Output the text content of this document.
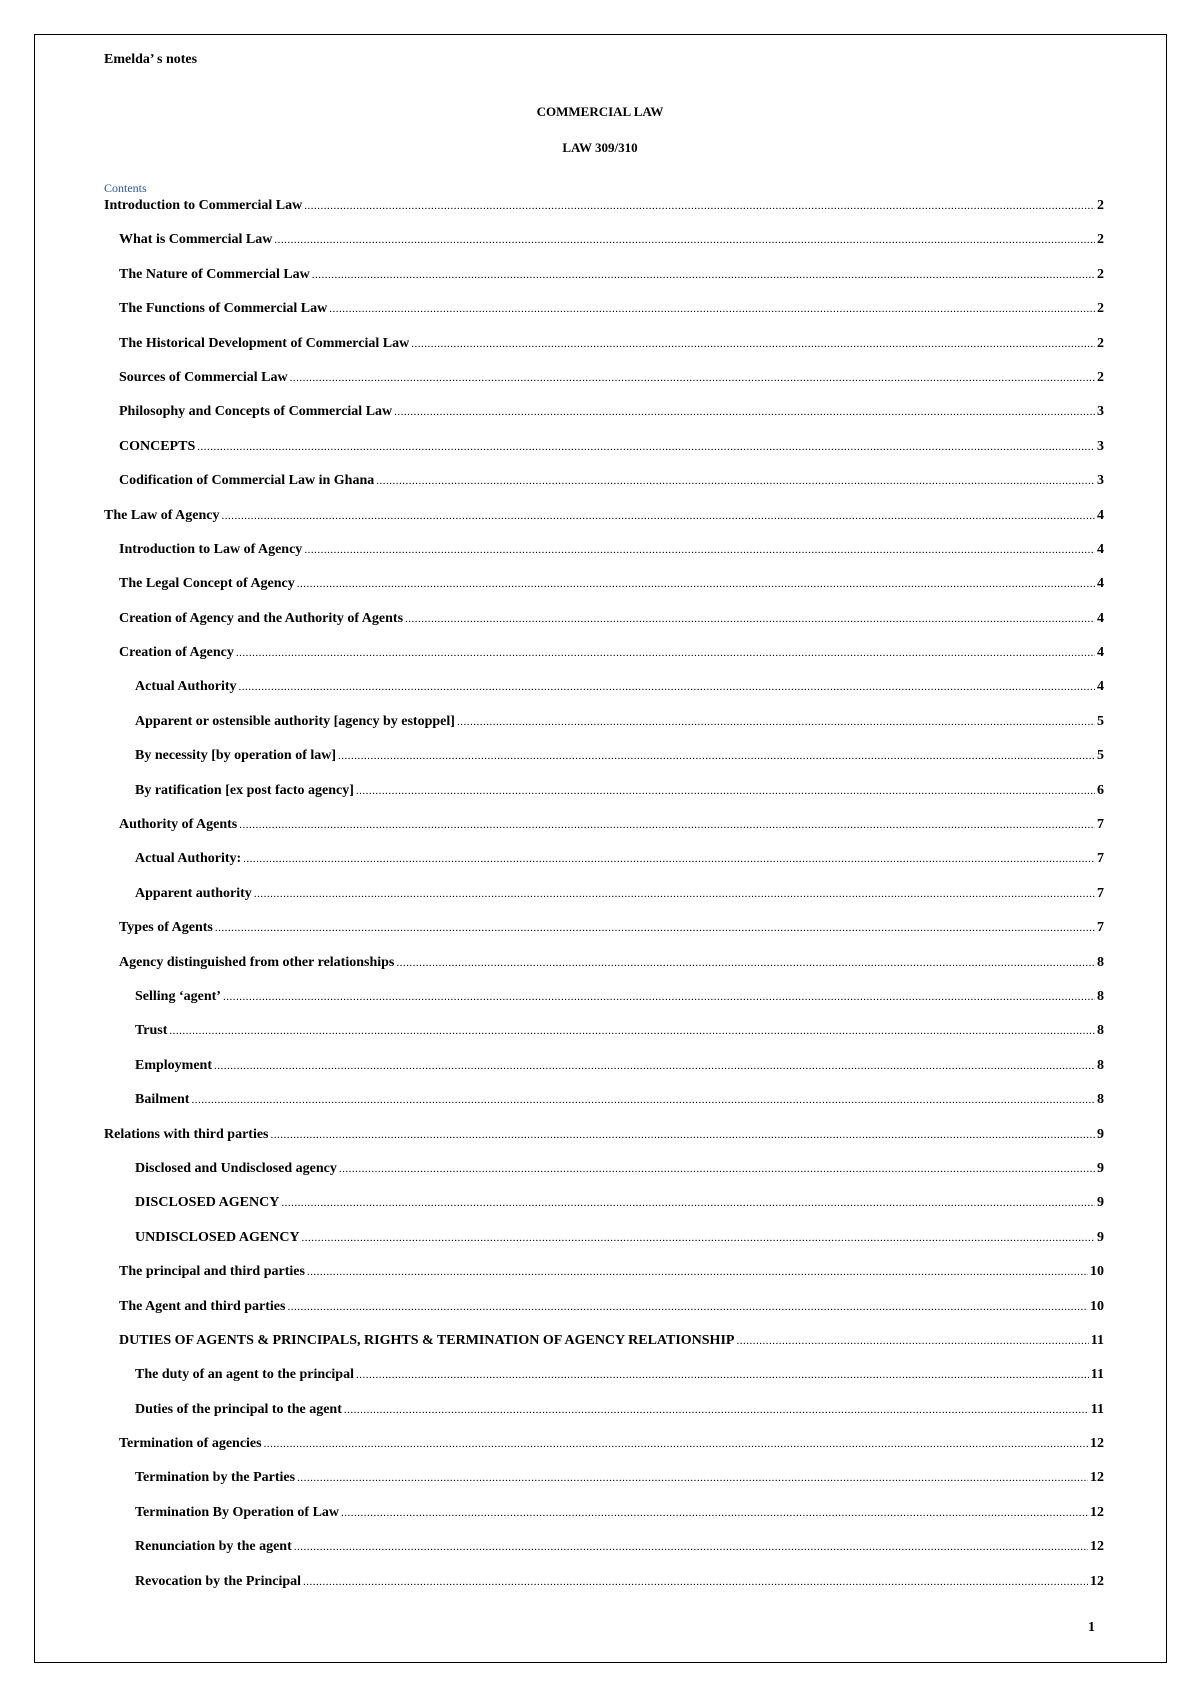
Emelda’ s notes
COMMERCIAL LAW
LAW 309/310
Contents
Introduction to Commercial Law .....	2
What is Commercial Law .....	2
The Nature of Commercial Law .....	2
The Functions of Commercial Law .....	2
The Historical Development of Commercial Law .....	2
Sources of Commercial Law .....	2
Philosophy and Concepts of Commercial Law .....	3
CONCEPTS .....	3
Codification of Commercial Law in Ghana .....	3
The Law of Agency .....	4
Introduction to Law of Agency .....	4
The Legal Concept of Agency .....	4
Creation of Agency and the Authority of Agents .....	4
Creation of Agency .....	4
Actual Authority .....	4
Apparent or ostensible authority [agency by estoppel] .....	5
By necessity [by operation of law] .....	5
By ratification [ex post facto agency] .....	6
Authority of Agents .....	7
Actual Authority: .....	7
Apparent authority .....	7
Types of Agents .....	7
Agency distinguished from other relationships .....	8
Selling ‘agent’ .....	8
Trust .....	8
Employment .....	8
Bailment .....	8
Relations with third parties .....	9
Disclosed and Undisclosed agency .....	9
DISCLOSED AGENCY .....	9
UNDISCLOSED AGENCY .....	9
The principal and third parties .....	10
The Agent and third parties .....	10
DUTIES OF AGENTS & PRINCIPALS, RIGHTS & TERMINATION OF AGENCY RELATIONSHIP .....	11
The duty of an agent to the principal .....	11
Duties of the principal to the agent .....	11
Termination of agencies .....	12
Termination by the Parties .....	12
Termination By Operation of Law .....	12
Renunciation by the agent .....	12
Revocation by the Principal .....	12
1
